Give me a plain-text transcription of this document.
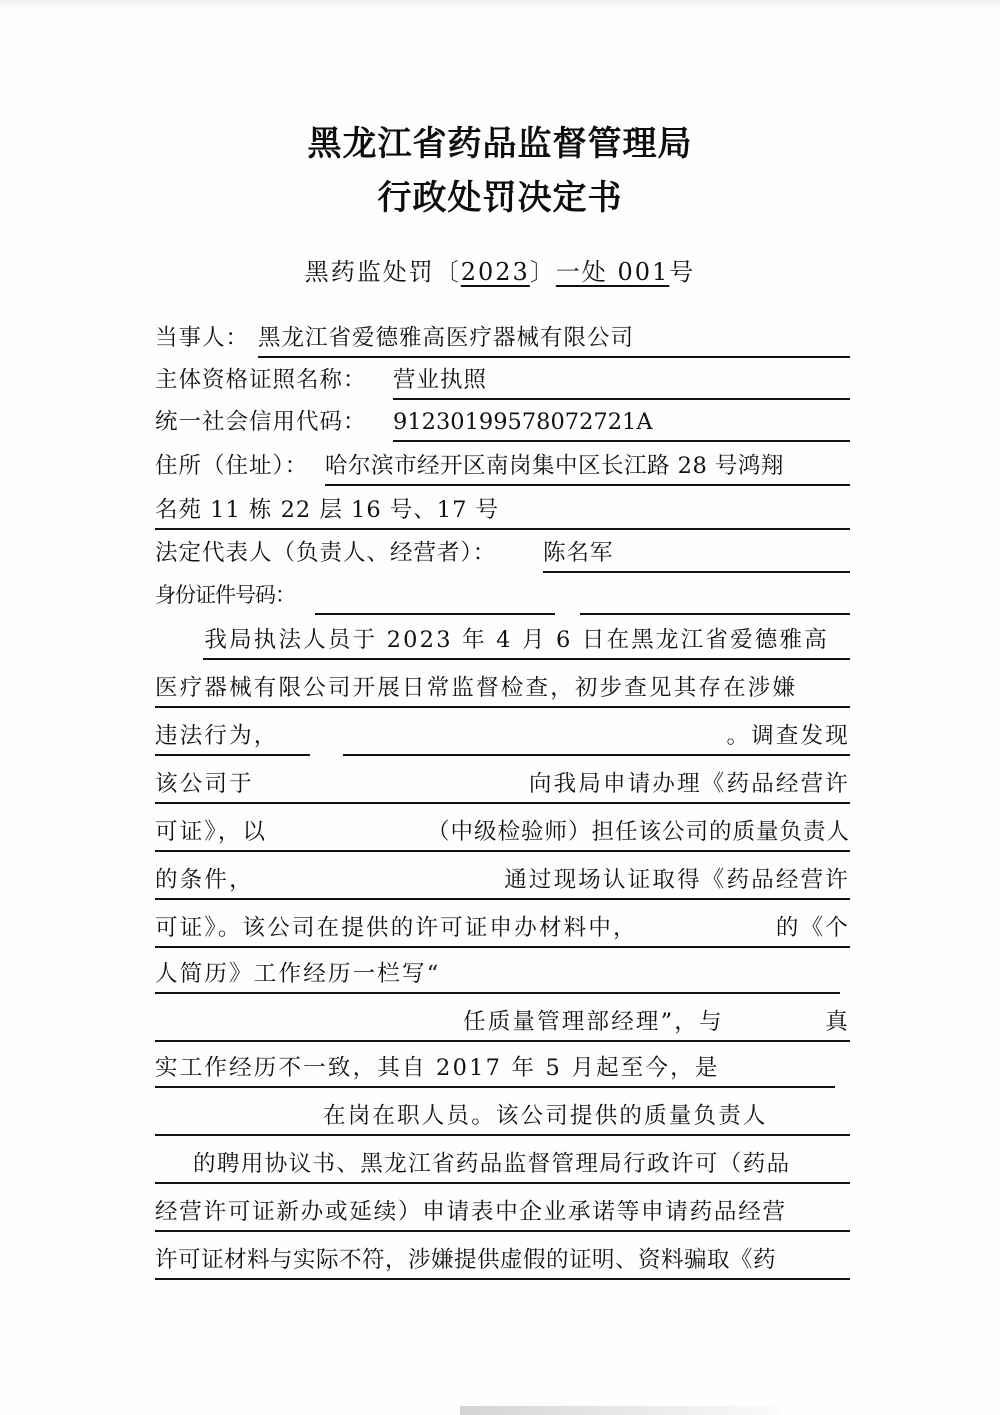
黑龙江省药品监督管理局
行政处罚决定书
黑药监处罚〔2023〕一处 001号
当事人： 黑龙江省爱德雅高医疗器械有限公司
主体资格证照名称： 营业执照
统一社会信用代码： 91230199578072721A
住所（住址）： 哈尔滨市经开区南岗集中区长江路 28 号鸿翔
名苑 11 栋 22 层 16 号、17 号
法定代表人（负责人、经营者）： 陈名军
身份证件号码：
　　我局执法人员于 2023 年 4 月 6 日在黑龙江省爱德雅高
医疗器械有限公司开展日常监督检查，初步查见其存在涉嫌
违法行为，	。调查发现
该公司于	向我局申请办理《药品经营许
可证》，以	（中级检验师）担任该公司的质量负责人
的条件，	通过现场认证取得《药品经营许
可证》。该公司在提供的许可证申办材料中，	的《个
人简历》工作经历一栏写“
任质量管理部经理”，与	真
实工作经历不一致，其自 2017 年 5 月起至今，是
在岗在职人员。该公司提供的质量负责人
的聘用协议书、黑龙江省药品监督管理局行政许可（药品
经营许可证新办或延续）申请表中企业承诺等申请药品经营
许可证材料与实际不符，涉嫌提供虚假的证明、资料骗取《药
